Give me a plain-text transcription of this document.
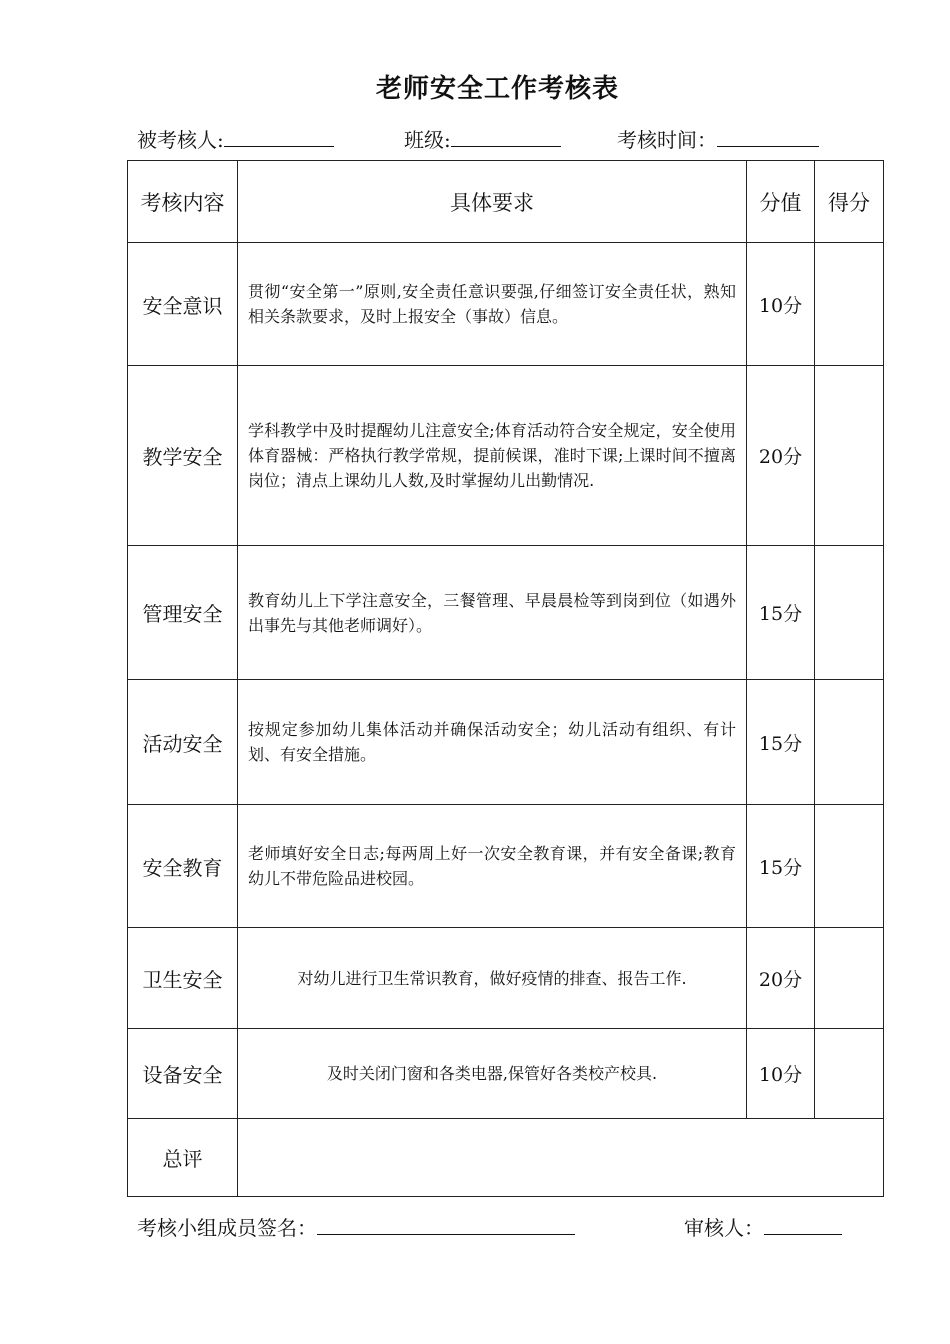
老师安全工作考核表
被考核人:	班级:	考核时间：
考核内容	具体要求	分值	得分
安全意识	贯彻“安全第一”原则,安全责任意识要强,仔细签订安全责任状，熟知相关条款要求，及时上报安全（事故）信息。	10分	
教学安全	学科教学中及时提醒幼儿注意安全;体育活动符合安全规定，安全使用体育器械：严格执行教学常规，提前候课，准时下课;上课时间不擅离岗位；清点上课幼儿人数,及时掌握幼儿出勤情况.	20分	
管理安全	教育幼儿上下学注意安全，三餐管理、早晨晨检等到岗到位（如遇外出事先与其他老师调好）。	15分	
活动安全	按规定参加幼儿集体活动并确保活动安全；幼儿活动有组织、有计划、有安全措施。	15分	
安全教育	老师填好安全日志;每两周上好一次安全教育课，并有安全备课;教育幼儿不带危险品进校园。	15分	
卫生安全	对幼儿进行卫生常识教育，做好疫情的排查、报告工作.	20分	
设备安全	及时关闭门窗和各类电器,保管好各类校产校具.	10分	
总评			
考核小组成员签名：	审核人：
